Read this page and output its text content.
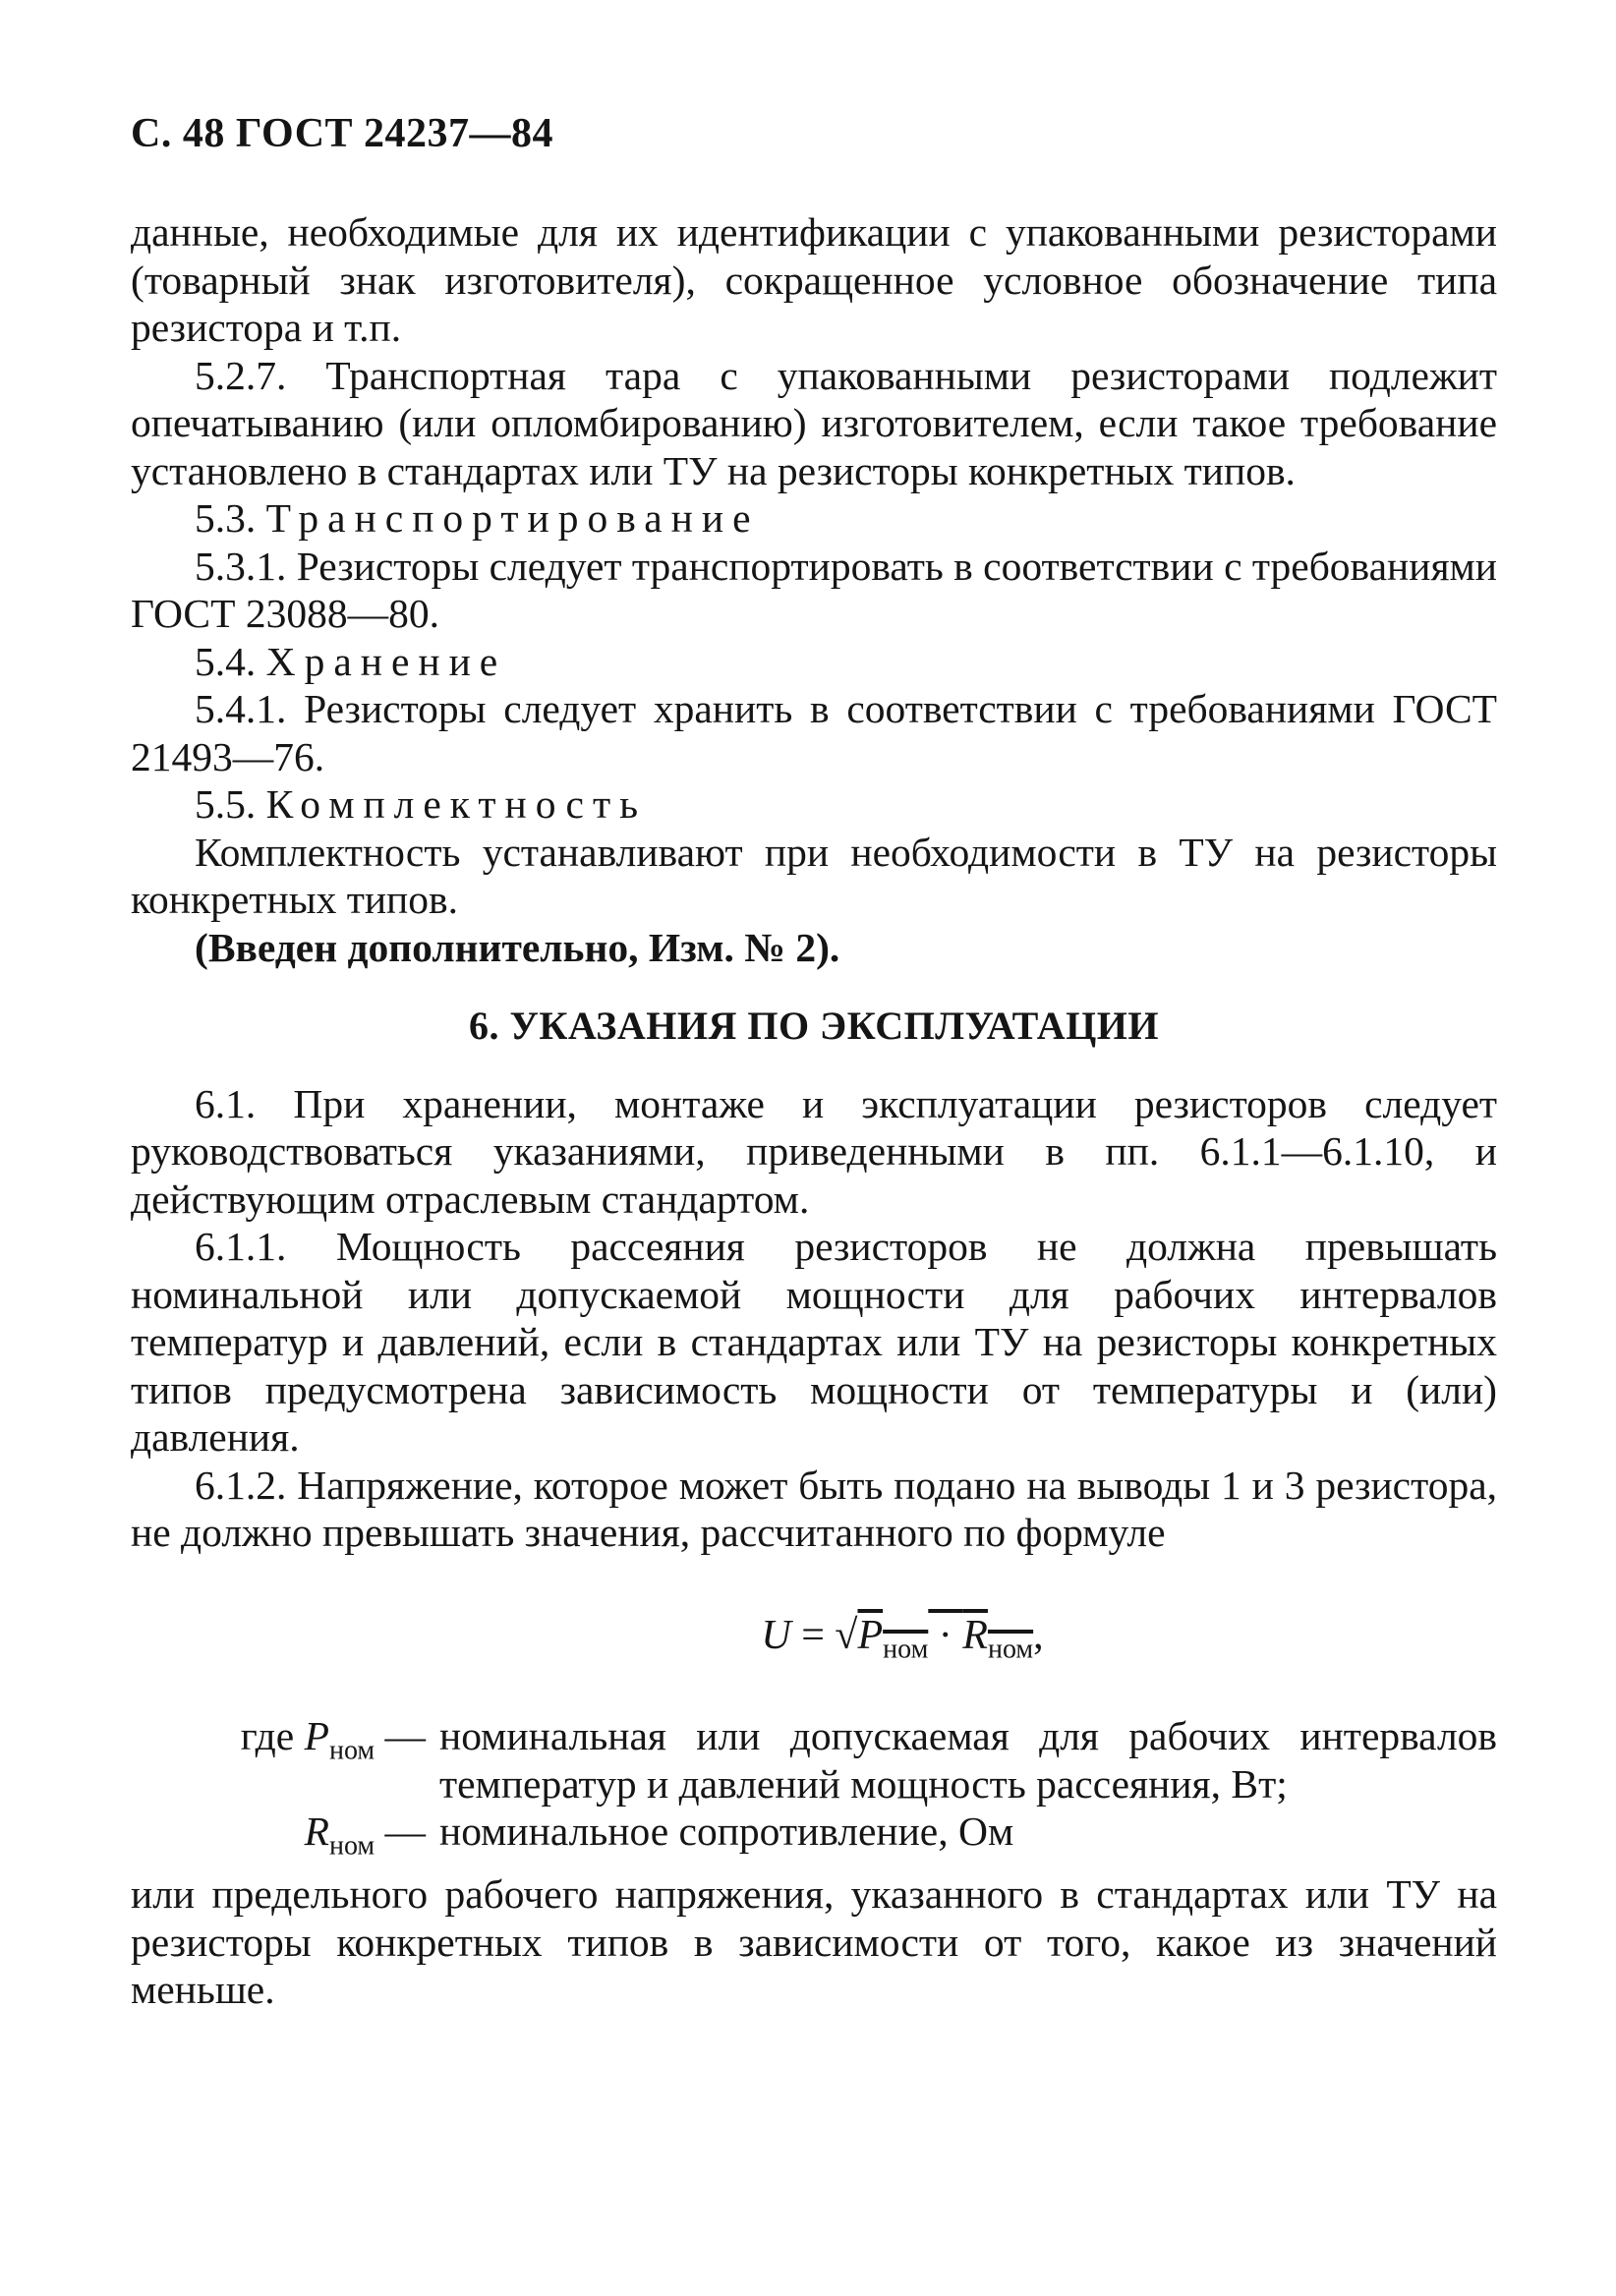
С. 48 ГОСТ 24237—84

данные, необходимые для их идентификации с упакованными резисторами (товарный знак изготовителя), сокращенное условное обозначение типа резистора и т.п.

5.2.7. Транспортная тара с упакованными резисторами подлежит опечатыванию (или опломбированию) изготовителем, если такое требование установлено в стандартах или ТУ на резисторы конкретных типов.

5.3. Транспортирование

5.3.1. Резисторы следует транспортировать в соответствии с требованиями ГОСТ 23088—80.

5.4. Хранение

5.4.1. Резисторы следует хранить в соответствии с требованиями ГОСТ 21493—76.

5.5. Комплектность

Комплектность устанавливают при необходимости в ТУ на резисторы конкретных типов.

(Введен дополнительно, Изм. № 2).

6. УКАЗАНИЯ ПО ЭКСПЛУАТАЦИИ

6.1. При хранении, монтаже и эксплуатации резисторов следует руководствоваться указаниями, приведенными в пп. 6.1.1—6.1.10, и действующим отраслевым стандартом.

6.1.1. Мощность рассеяния резисторов не должна превышать номинальной или допускаемой мощности для рабочих интервалов температур и давлений, если в стандартах или ТУ на резисторы конкретных типов предусмотрена зависимость мощности от температуры и (или) давления.

6.1.2. Напряжение, которое может быть подано на выводы 1 и 3 резистора, не должно превышать значения, рассчитанного по формуле

$U = √P_{ном} \cdot R_{ном}$,
где $P_{ном}$ — номинальная или допускаемая для рабочих интервалов температур и давлений мощность рассеяния, Вт;
$R_{ном}$ — номинальное сопротивление, Ом

или предельного рабочего напряжения, указанного в стандартах или ТУ на резисторы конкретных типов в зависимости от того, какое из значений меньше.
